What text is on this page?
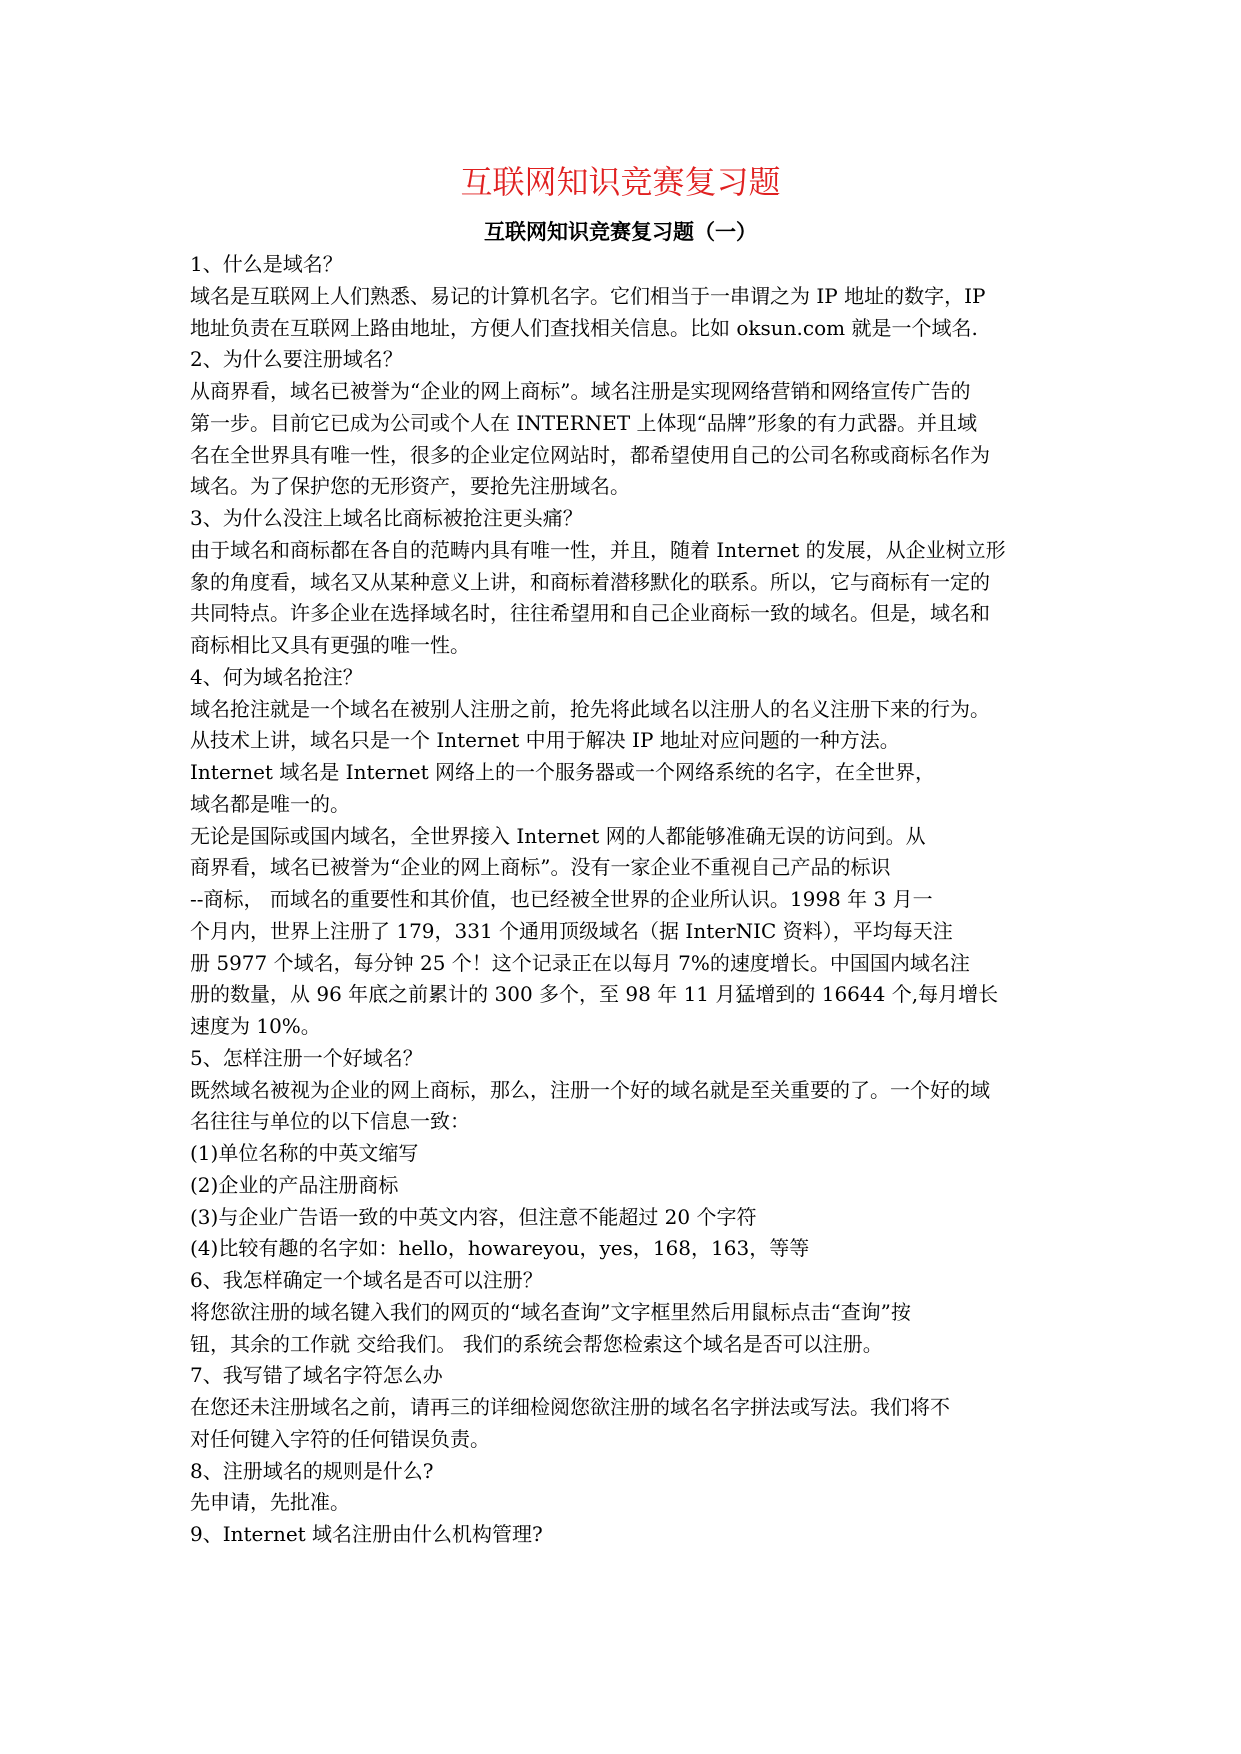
互联网知识竞赛复习题
互联网知识竞赛复习题（一）
1、什么是域名？
域名是互联网上人们熟悉、易记的计算机名字。它们相当于一串谓之为 IP 地址的数字，IP
地址负责在互联网上路由地址，方便人们查找相关信息。比如 oksun.com 就是一个域名.
2、为什么要注册域名？
从商界看，域名已被誉为“企业的网上商标”。域名注册是实现网络营销和网络宣传广告的
第一步。目前它已成为公司或个人在 INTERNET 上体现“品牌”形象的有力武器。并且域
名在全世界具有唯一性，很多的企业定位网站时，都希望使用自己的公司名称或商标名作为
域名。为了保护您的无形资产，要抢先注册域名。
3、为什么没注上域名比商标被抢注更头痛？
由于域名和商标都在各自的范畴内具有唯一性，并且，随着 Internet 的发展，从企业树立形
象的角度看，域名又从某种意义上讲，和商标着潜移默化的联系。所以，它与商标有一定的
共同特点。许多企业在选择域名时，往往希望用和自己企业商标一致的域名。但是，域名和
商标相比又具有更强的唯一性。
4、何为域名抢注？
域名抢注就是一个域名在被别人注册之前，抢先将此域名以注册人的名义注册下来的行为。
从技术上讲，域名只是一个 Internet 中用于解决 IP 地址对应问题的一种方法。
Internet 域名是 Internet 网络上的一个服务器或一个网络系统的名字，在全世界，
域名都是唯一的。
无论是国际或国内域名，全世界接入 Internet 网的人都能够准确无误的访问到。从
商界看，域名已被誉为“企业的网上商标”。没有一家企业不重视自己产品的标识
--商标， 而域名的重要性和其价值，也已经被全世界的企业所认识。1998 年 3 月一
个月内，世界上注册了 179，331 个通用顶级域名（据 InterNIC 资料），平均每天注
册 5977 个域名，每分钟 25 个！这个记录正在以每月 7%的速度增长。中国国内域名注
册的数量，从 96 年底之前累计的 300 多个，至 98 年 11 月猛增到的 16644 个,每月增长
速度为 10%。
5、怎样注册一个好域名？
既然域名被视为企业的网上商标，那么，注册一个好的域名就是至关重要的了。一个好的域
名往往与单位的以下信息一致：
(1)单位名称的中英文缩写
(2)企业的产品注册商标
(3)与企业广告语一致的中英文内容，但注意不能超过 20 个字符
(4)比较有趣的名字如：hello，howareyou，yes，168，163，等等
6、我怎样确定一个域名是否可以注册？
将您欲注册的域名键入我们的网页的“域名查询”文字框里然后用鼠标点击“查询”按
钮，其余的工作就 交给我们。 我们的系统会帮您检索这个域名是否可以注册。
7、我写错了域名字符怎么办
在您还未注册域名之前，请再三的详细检阅您欲注册的域名名字拼法或写法。我们将不
对任何键入字符的任何错误负责。
8、注册域名的规则是什么?
先申请，先批准。
9、Internet 域名注册由什么机构管理?
